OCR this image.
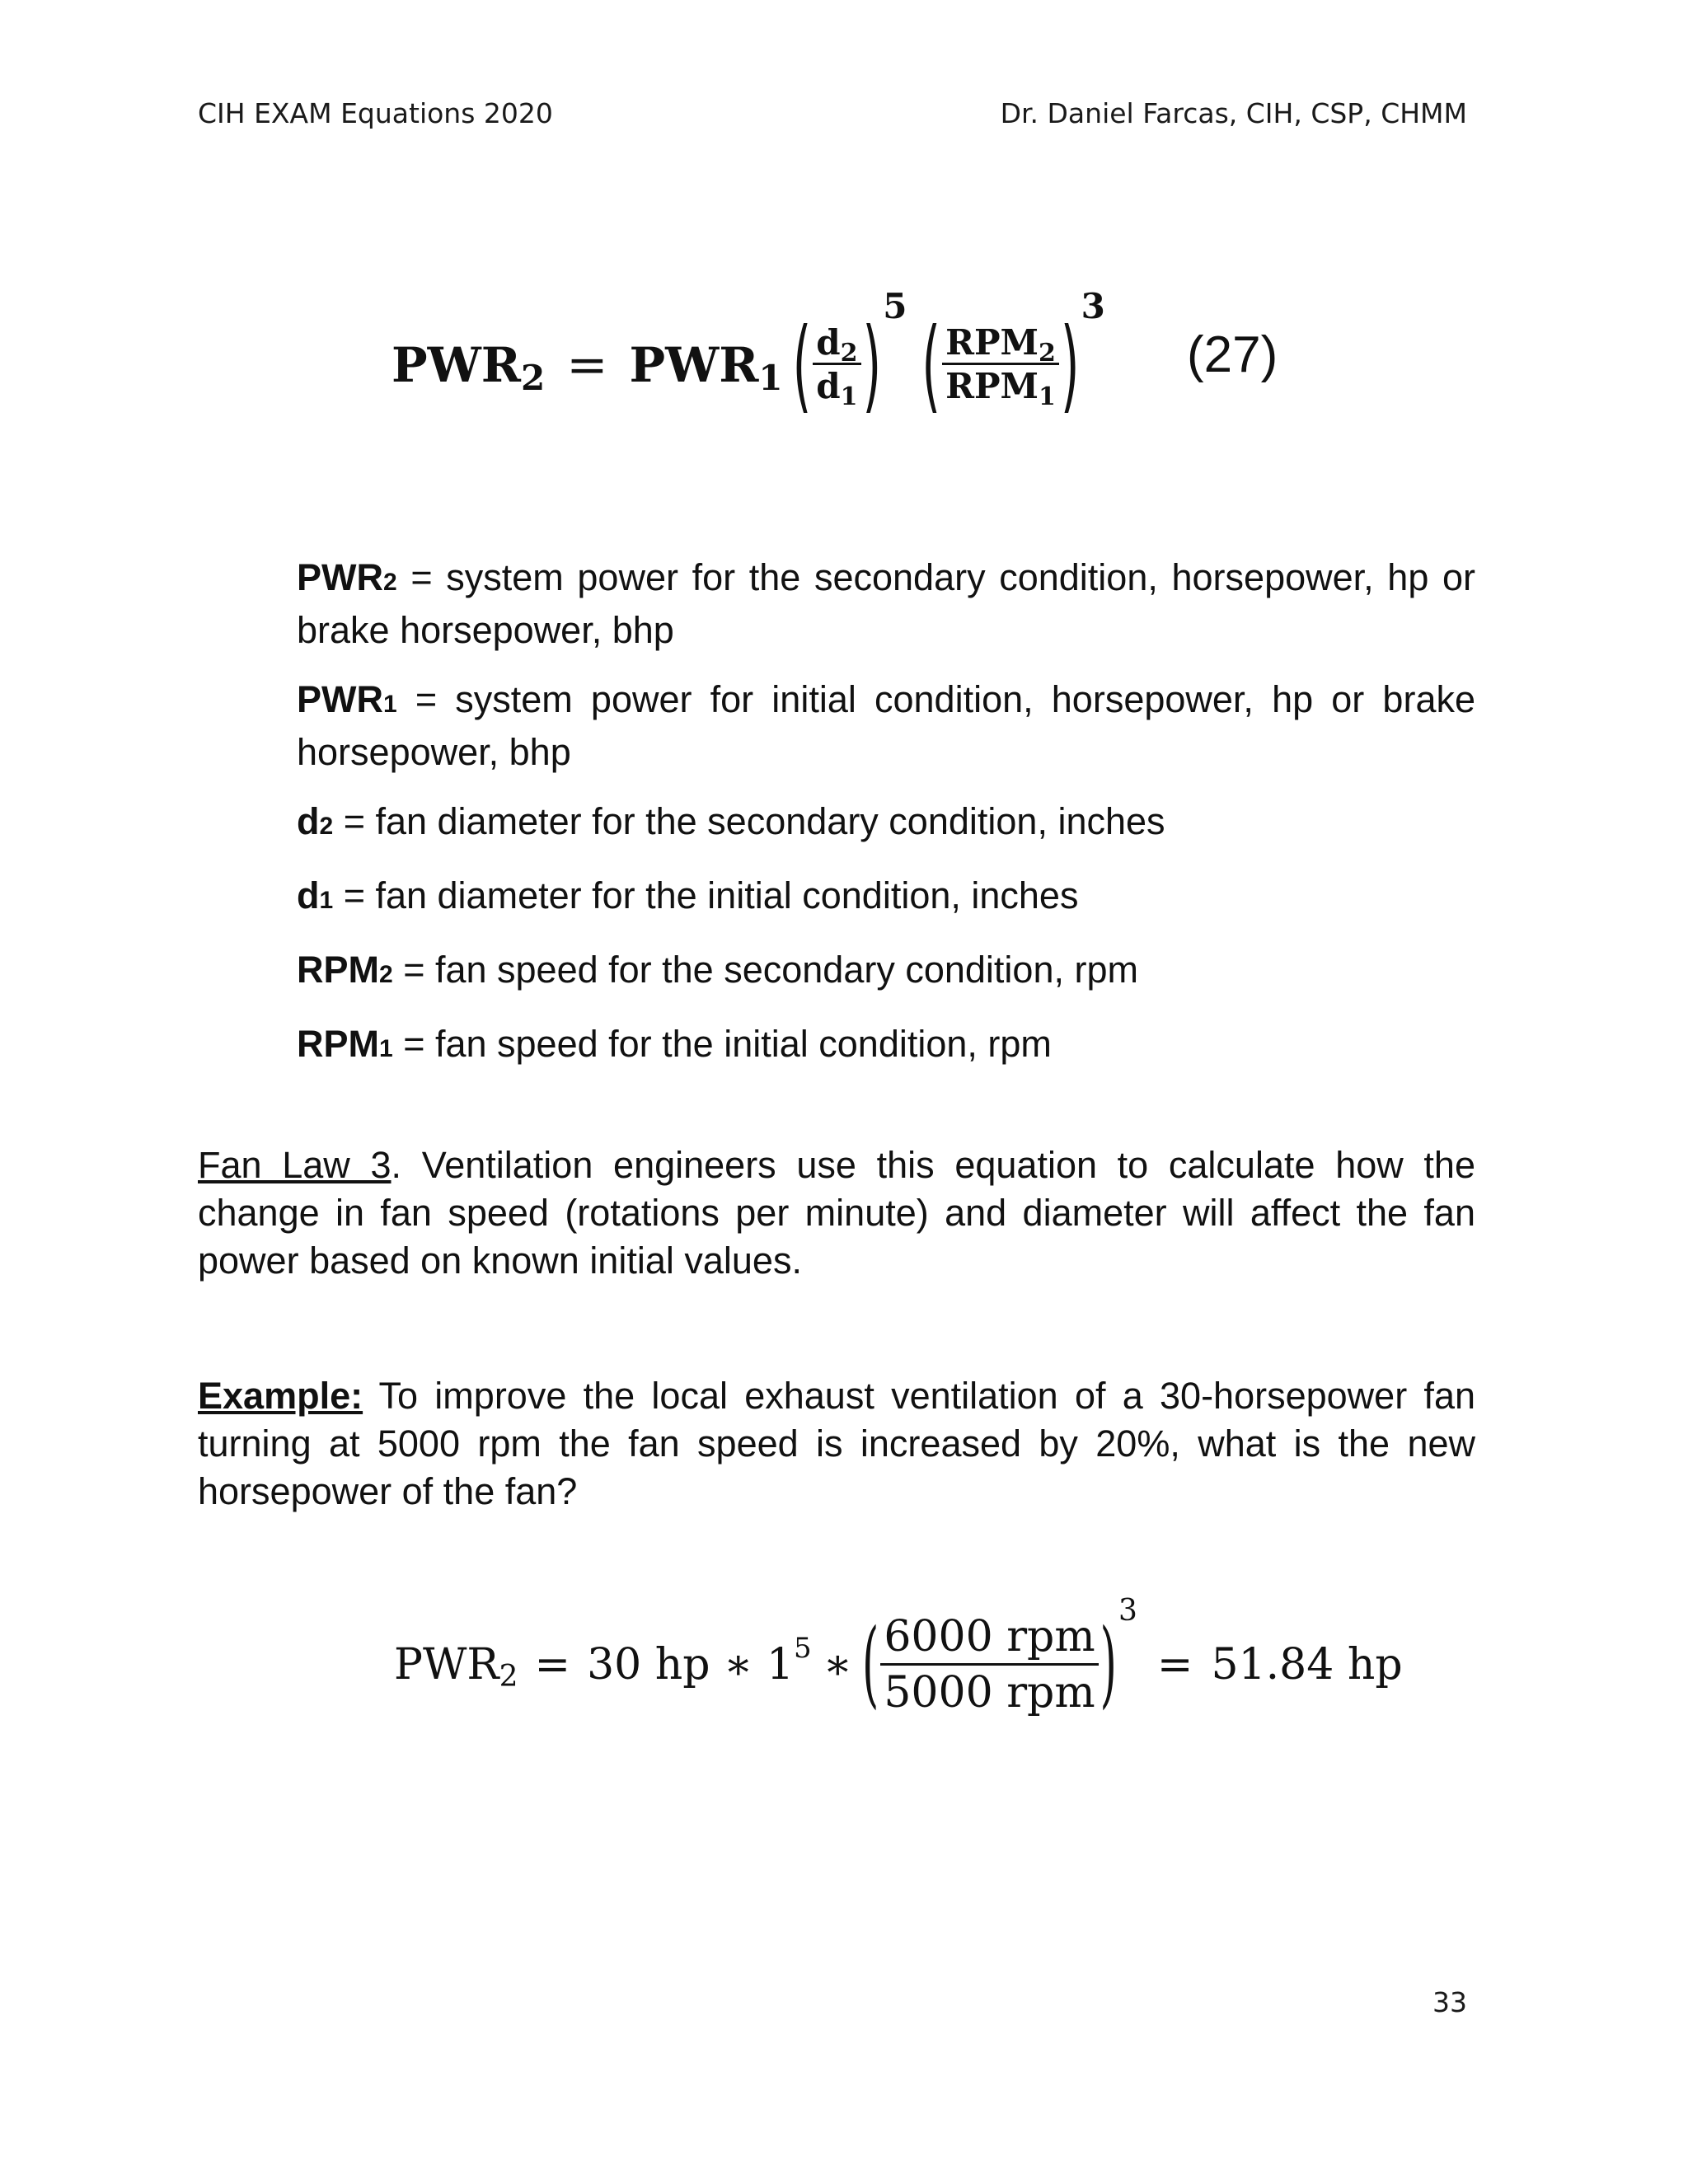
CIH EXAM Equations 2020	Dr. Daniel Farcas, CIH, CSP, CHMM
PWR 2 = PWR 1 ( $\frac{d2}{d1}$ ) 5 ( $\frac{\text{RPM2}}{\text{RPM1}}$ ) 3
(27)

PWR2 = system power for the secondary condition, horsepower, hp or brake horsepower, bhp

PWR1 = system power for initial condition, horsepower, hp or brake horsepower, bhp

d2 = fan diameter for the secondary condition, inches

d1 = fan diameter for the initial condition, inches

RPM2 = fan speed for the secondary condition, rpm

RPM1 = fan speed for the initial condition, rpm

Fan Law 3. Ventilation engineers use this equation to calculate how the change in fan speed (rotations per minute) and diameter will affect the fan power based on known initial values.

Example: To improve the local exhaust ventilation of a 30-horsepower fan turning at 5000 rpm the fan speed is increased by 20%, what is the new horsepower of the fan?

PWR 2 = 30 hp ∗ 1 5 ∗ ( $\frac{\text{6000 rpm}}{\text{5000 rpm}}$ ) 3
= 51.84 hp
33
